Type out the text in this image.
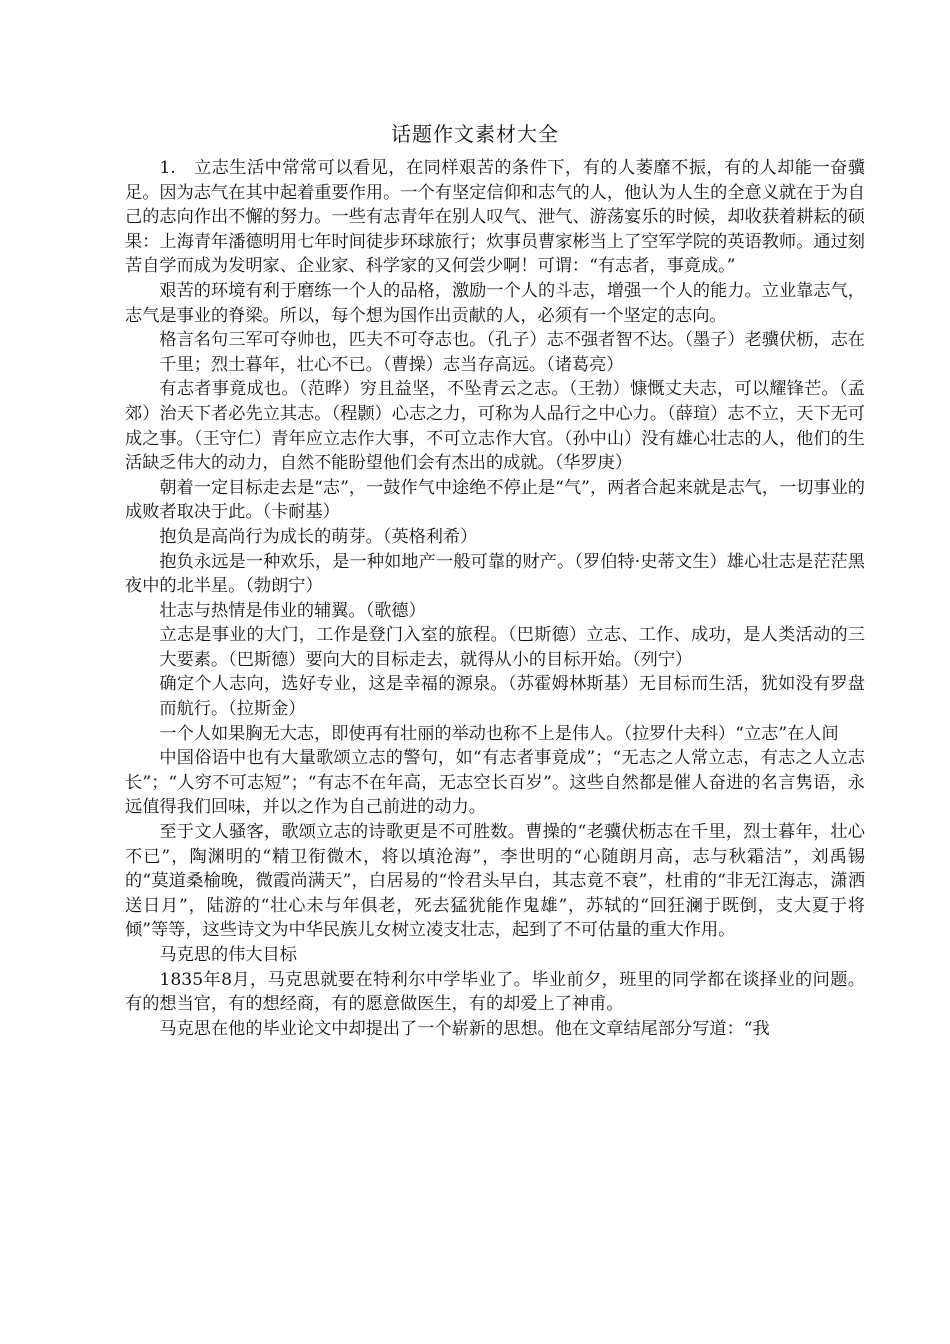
话题作文素材大全

1.　立志生活中常常可以看见，在同样艰苦的条件下，有的人萎靡不振，有的人却能一奋骥足。因为志气在其中起着重要作用。一个有坚定信仰和志气的人，他认为人生的全意义就在于为自己的志向作出不懈的努力。一些有志青年在别人叹气、泄气、游荡宴乐的时候，却收获着耕耘的硕果：上海青年潘德明用七年时间徒步环球旅行；炊事员曹家彬当上了空军学院的英语教师。通过刻苦自学而成为发明家、企业家、科学家的又何尝少啊！可谓：“有志者，事竟成。”

艰苦的环境有利于磨练一个人的品格，激励一个人的斗志，增强一个人的能力。立业靠志气，志气是事业的脊梁。所以，每个想为国作出贡献的人，必须有一个坚定的志向。

格言名句三军可夺帅也，匹夫不可夺志也。（孔子）志不强者智不达。（墨子）老骥伏枥，志在千里；烈士暮年，壮心不已。（曹操）志当存高远。（诸葛亮）

有志者事竟成也。（范晔）穷且益坚，不坠青云之志。（王勃）慷慨丈夫志，可以耀锋芒。（孟郊）治天下者必先立其志。（程颢）心志之力，可称为人品行之中心力。（薛瑄）志不立，天下无可成之事。（王守仁）青年应立志作大事，不可立志作大官。（孙中山）没有雄心壮志的人，他们的生活缺乏伟大的动力，自然不能盼望他们会有杰出的成就。（华罗庚）

朝着一定目标走去是“志”，一鼓作气中途绝不停止是“气”，两者合起来就是志气，一切事业的成败者取决于此。（卡耐基）

抱负是高尚行为成长的萌芽。（英格利希）

抱负永远是一种欢乐，是一种如地产一般可靠的财产。（罗伯特·史蒂文生）雄心壮志是茫茫黑夜中的北半星。（勃朗宁）

壮志与热情是伟业的辅翼。（歌德）

立志是事业的大门，工作是登门入室的旅程。（巴斯德）立志、工作、成功，是人类活动的三大要素。（巴斯德）要向大的目标走去，就得从小的目标开始。（列宁）

确定个人志向，选好专业，这是幸福的源泉。（苏霍姆林斯基）无目标而生活，犹如没有罗盘而航行。（拉斯金）

一个人如果胸无大志，即使再有壮丽的举动也称不上是伟人。（拉罗什夫科）“立志”在人间

中国俗语中也有大量歌颂立志的警句，如“有志者事竟成”；“无志之人常立志，有志之人立志长”；“人穷不可志短”；“有志不在年高，无志空长百岁”。这些自然都是催人奋进的名言隽语，永远值得我们回味，并以之作为自己前进的动力。

至于文人骚客，歌颂立志的诗歌更是不可胜数。曹操的“老骥伏枥志在千里，烈士暮年，壮心不已”，陶渊明的“精卫衔微木，将以填沧海”，李世明的“心随朗月高，志与秋霜洁”，刘禹锡的“莫道桑榆晚，微霞尚满天”，白居易的“怜君头早白，其志竟不衰”，杜甫的“非无江海志，潇洒送日月”，陆游的“壮心未与年俱老，死去猛犹能作鬼雄”，苏轼的“回狂澜于既倒，支大夏于将倾”等等，这些诗文为中华民族儿女树立凌支壮志，起到了不可估量的重大作用。

马克思的伟大目标

1835年8月，马克思就要在特利尔中学毕业了。毕业前夕，班里的同学都在谈择业的问题。有的想当官，有的想经商，有的愿意做医生，有的却爱上了神甫。

马克思在他的毕业论文中却提出了一个崭新的思想。他在文章结尾部分写道：“我
